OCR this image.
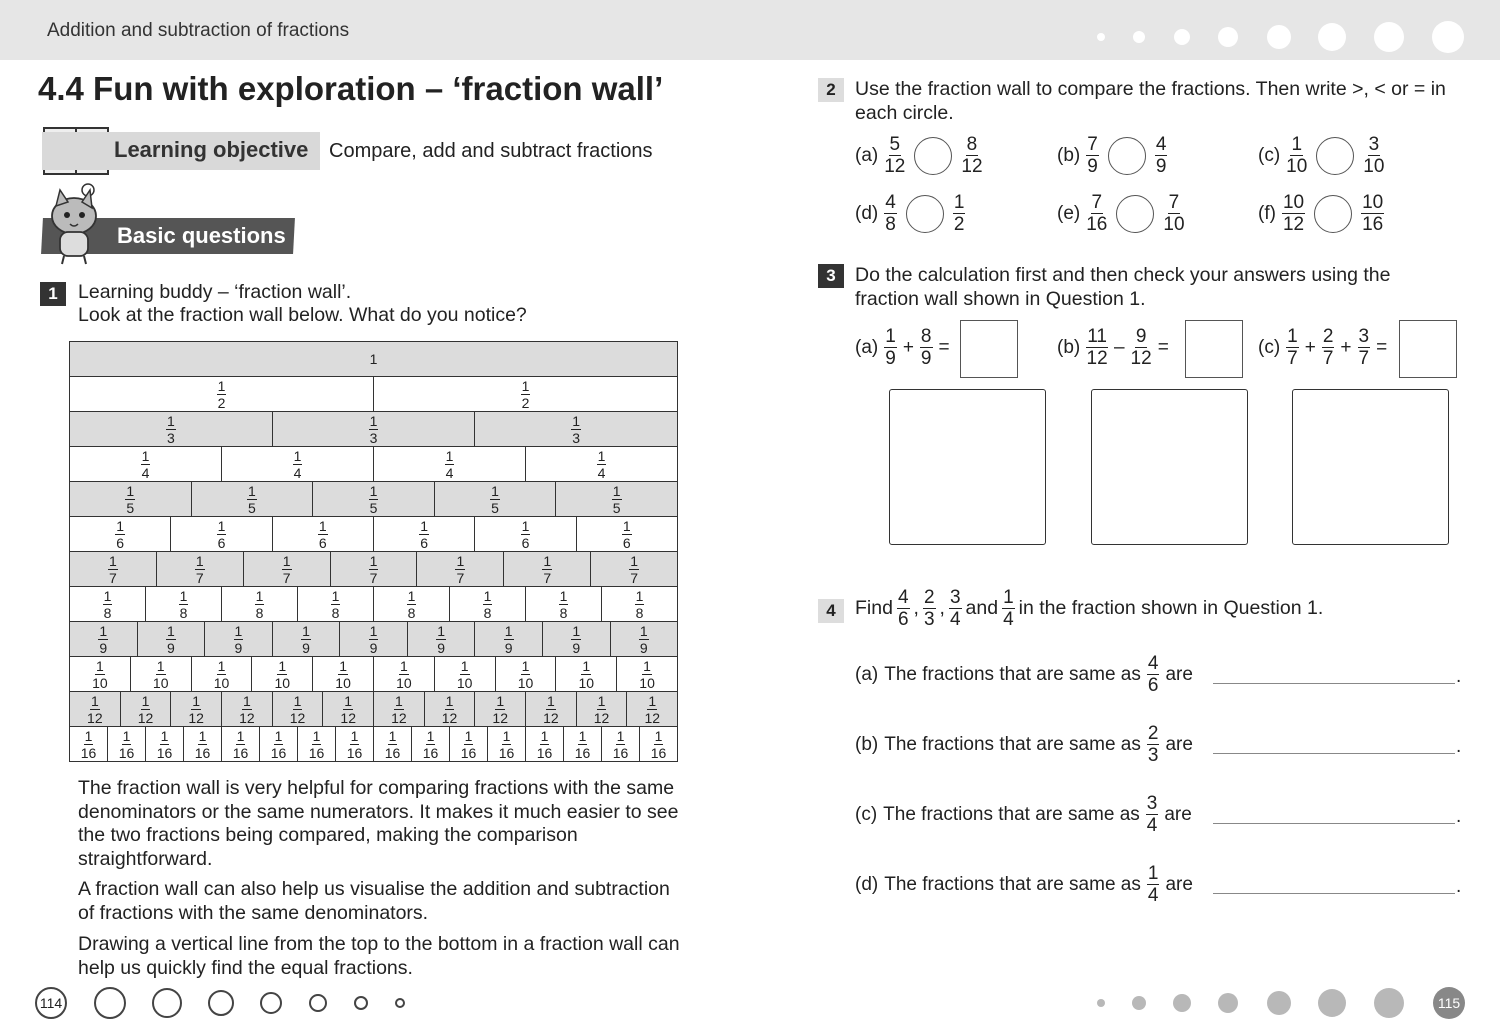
Addition and subtraction of fractions
4.4 Fun with exploration – ‘fraction wall’
Learning objective Compare, add and subtract fractions
Basic questions
1	Learning buddy – ‘fraction wall’.
Look at the fraction wall below. What do you notice?
1
$\frac{1}{2}$	$\frac{1}{2}$
$\frac{1}{3}$	$\frac{1}{3}$	$\frac{1}{3}$
$\frac{1}{4}$	$\frac{1}{4}$	$\frac{1}{4}$	$\frac{1}{4}$
$\frac{1}{5}$	$\frac{1}{5}$	$\frac{1}{5}$	$\frac{1}{5}$	$\frac{1}{5}$
$\frac{1}{6}$	$\frac{1}{6}$	$\frac{1}{6}$	$\frac{1}{6}$	$\frac{1}{6}$	$\frac{1}{6}$
$\frac{1}{7}$	$\frac{1}{7}$	$\frac{1}{7}$	$\frac{1}{7}$	$\frac{1}{7}$	$\frac{1}{7}$	$\frac{1}{7}$
$\frac{1}{8}$	$\frac{1}{8}$	$\frac{1}{8}$	$\frac{1}{8}$	$\frac{1}{8}$	$\frac{1}{8}$	$\frac{1}{8}$	$\frac{1}{8}$
$\frac{1}{9}$	$\frac{1}{9}$	$\frac{1}{9}$	$\frac{1}{9}$	$\frac{1}{9}$	$\frac{1}{9}$	$\frac{1}{9}$	$\frac{1}{9}$	$\frac{1}{9}$
$\frac{1}{10}$	$\frac{1}{10}$	$\frac{1}{10}$	$\frac{1}{10}$	$\frac{1}{10}$	$\frac{1}{10}$	$\frac{1}{10}$	$\frac{1}{10}$	$\frac{1}{10}$	$\frac{1}{10}$
$\frac{1}{12}$	$\frac{1}{12}$	$\frac{1}{12}$	$\frac{1}{12}$	$\frac{1}{12}$	$\frac{1}{12}$	$\frac{1}{12}$	$\frac{1}{12}$	$\frac{1}{12}$	$\frac{1}{12}$	$\frac{1}{12}$	$\frac{1}{12}$
$\frac{1}{16} \frac{1}{16} \frac{1}{16} \frac{1}{16} \frac{1}{16} \frac{1}{16} \frac{1}{16} \frac{1}{16} \frac{1}{16} \frac{1}{16} \frac{1}{16} \frac{1}{16} \frac{1}{16} \frac{1}{16} \frac{1}{16} \frac{1}{16}$
The fraction wall is very helpful for comparing fractions with the same denominators or the same numerators. It makes it much easier to see the two fractions being compared, making the comparison straightforward.
A fraction wall can also help us visualise the addition and subtraction of fractions with the same denominators.
Drawing a vertical line from the top to the bottom in a fraction wall can help us quickly find the equal fractions.
114
2 Use the fraction wall to compare the fractions. Then write >, < or = in each circle.
$(a) \frac{5}{12}$	$\frac{8}{12}$	$(b) \frac{7}{9}$	$\frac{4}{9}$	$(c) \frac{1}{10}$	$\frac{3}{10}$
$(d) \frac{4}{8}$	$\frac{1}{2}$	$(e) \frac{7}{16}$	$\frac{7}{10}$	$(f) \frac{10}{12}$	$\frac{10}{16}$
3 Do the calculation first and then check your answers using the fraction wall shown in Question 1.
$(a) \frac{1}{9} + \frac{8}{9}$ =	$(b) \frac{11}{12} - \frac{9}{12}$ =	$(c) \frac{1}{7} + \frac{2}{7} + \frac{3}{7}$ =
4 Find $\frac{4}{6}$ , $\frac{2}{3}$ , $\frac{3}{4}$ and $\frac{1}{4}$ in the fraction shown in Question 1.
(a) The fractions that are same as $\frac{4}{6}$ are	.
(b) The fractions that are same as $\frac{2}{3}$ are	.
(c) The fractions that are same as $\frac{3}{4}$ are	.
(d) The fractions that are same as $\frac{1}{4}$ are	.
115
